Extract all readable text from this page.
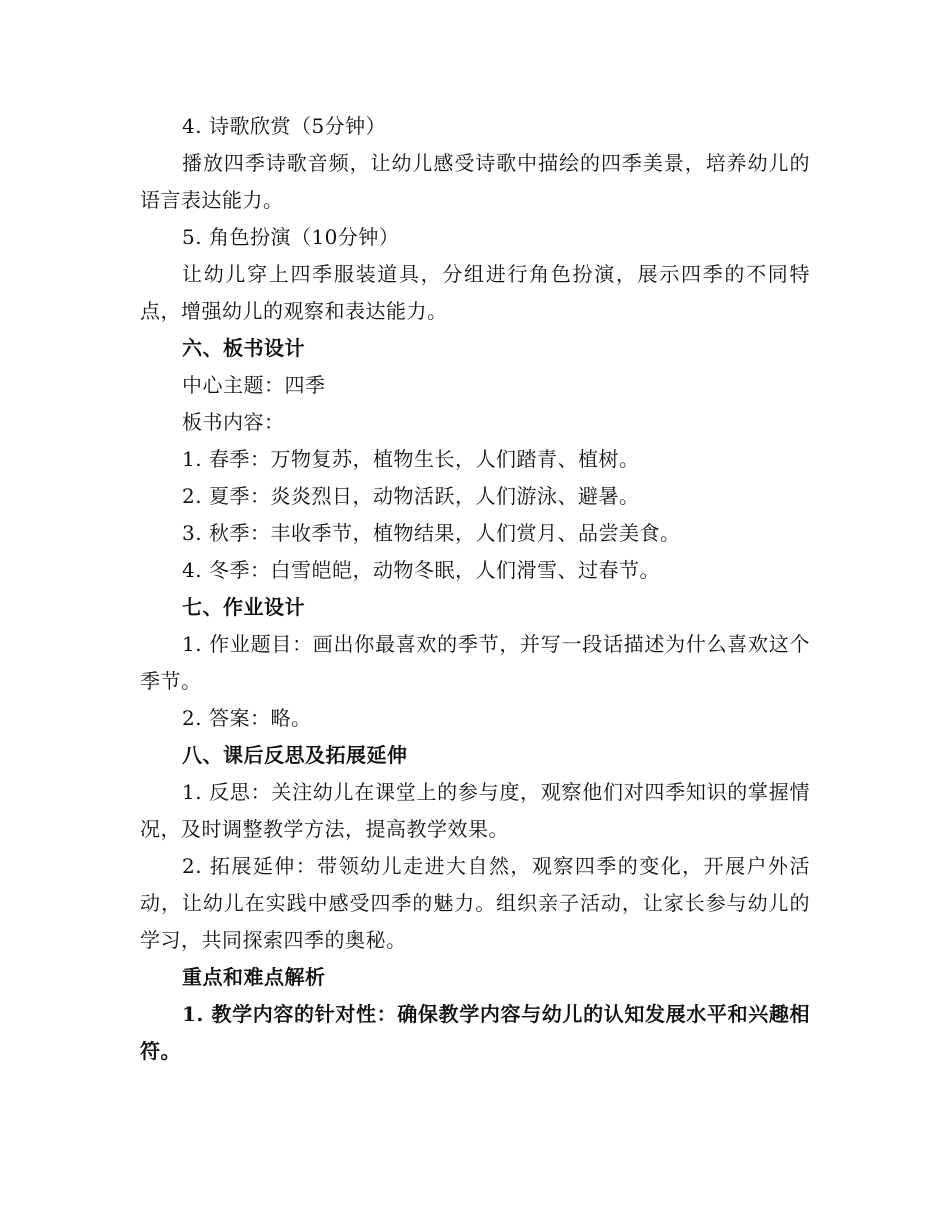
4. 诗歌欣赏（5分钟）

播放四季诗歌音频，让幼儿感受诗歌中描绘的四季美景，培养幼儿的语言表达能力。

5. 角色扮演（10分钟）

让幼儿穿上四季服装道具，分组进行角色扮演，展示四季的不同特点，增强幼儿的观察和表达能力。

六、板书设计

中心主题：四季

板书内容：

1. 春季：万物复苏，植物生长，人们踏青、植树。

2. 夏季：炎炎烈日，动物活跃，人们游泳、避暑。

3. 秋季：丰收季节，植物结果，人们赏月、品尝美食。

4. 冬季：白雪皑皑，动物冬眠，人们滑雪、过春节。

七、作业设计

1. 作业题目：画出你最喜欢的季节，并写一段话描述为什么喜欢这个季节。

2. 答案：略。

八、课后反思及拓展延伸

1. 反思：关注幼儿在课堂上的参与度，观察他们对四季知识的掌握情况，及时调整教学方法，提高教学效果。

2. 拓展延伸：带领幼儿走进大自然，观察四季的变化，开展户外活动，让幼儿在实践中感受四季的魅力。组织亲子活动，让家长参与幼儿的学习，共同探索四季的奥秘。

重点和难点解析

1. 教学内容的针对性：确保教学内容与幼儿的认知发展水平和兴趣相符。
